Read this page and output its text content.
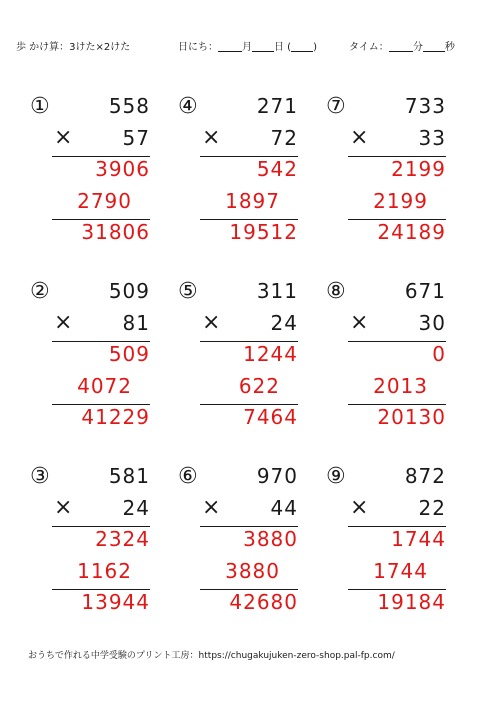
歩 かけ算：3けた×2けた	日にち： 月 日 ( )	タイム： 分 秒
①	558
× 57
3906
2790
31806
②	509
× 81
509
4072
41229
③	581
× 24
2324
1162
13944
④	271
× 72
542
1897
19512
⑤	311
× 24
1244
622
7464
⑥	970
× 44
3880
3880
42680
⑦	733
× 33
2199
2199
24189
⑧	671
× 30
0
2013
20130
⑨	872
× 22
1744
1744
19184
おうちで作れる中学受験のプリント工房：https://chugakujuken-zero-shop.pal-fp.com/
